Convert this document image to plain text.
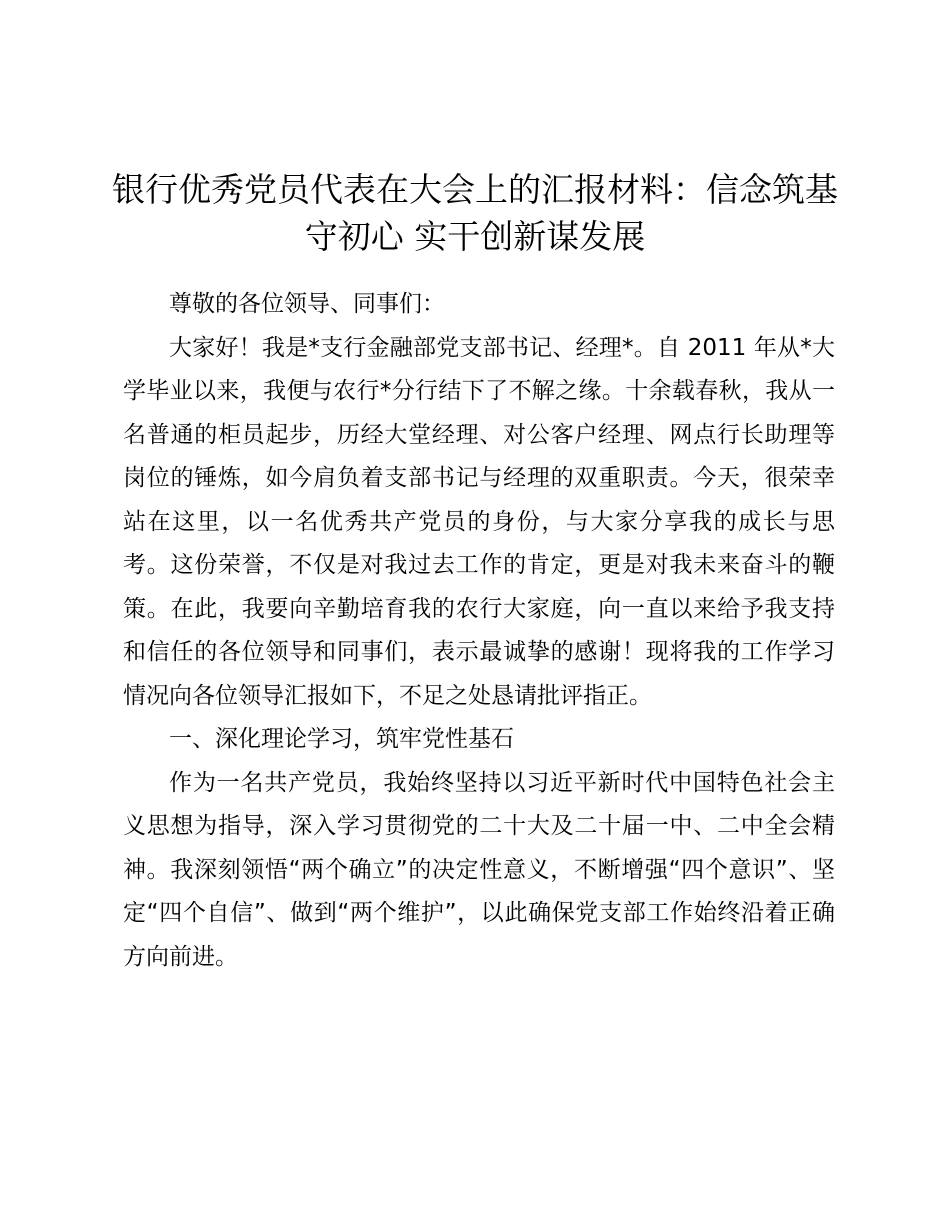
银行优秀党员代表在大会上的汇报材料：信念筑基守初心 实干创新谋发展

尊敬的各位领导、同事们：

大家好！我是*支行金融部党支部书记、经理*。自 2011 年从*大学毕业以来，我便与农行*分行结下了不解之缘。十余载春秋，我从一名普通的柜员起步，历经大堂经理、对公客户经理、网点行长助理等岗位的锤炼，如今肩负着支部书记与经理的双重职责。今天，很荣幸站在这里，以一名优秀共产党员的身份，与大家分享我的成长与思考。这份荣誉，不仅是对我过去工作的肯定，更是对我未来奋斗的鞭策。在此，我要向辛勤培育我的农行大家庭，向一直以来给予我支持和信任的各位领导和同事们，表示最诚挚的感谢！现将我的工作学习情况向各位领导汇报如下，不足之处恳请批评指正。

一、深化理论学习，筑牢党性基石

作为一名共产党员，我始终坚持以习近平新时代中国特色社会主义思想为指导，深入学习贯彻党的二十大及二十届一中、二中全会精神。我深刻领悟“两个确立”的决定性意义，不断增强“四个意识”、坚定“四个自信”、做到“两个维护”，以此确保党支部工作始终沿着正确方向前进。
